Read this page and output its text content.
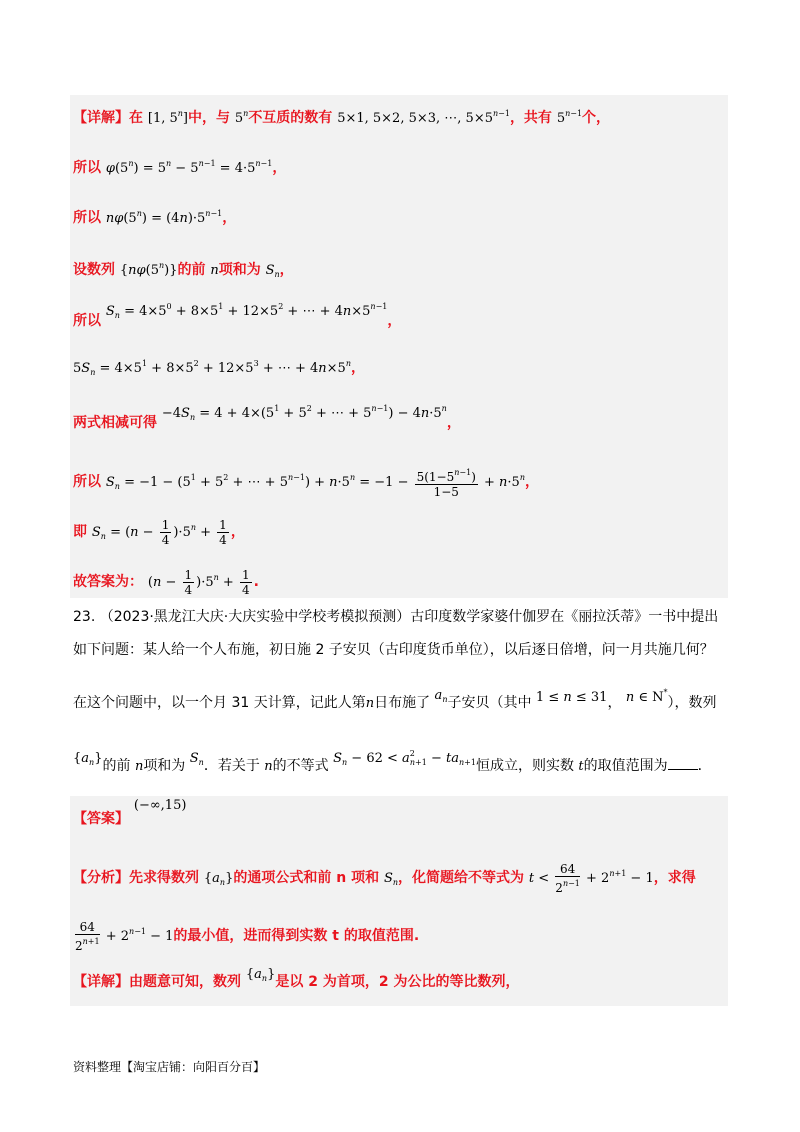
【详解】在 [1, 5$^n$]中，与 5$^n$不互质的数有 5×1, 5×2, 5×3, ⋯, $5\times 5^{n-1}$，共有 $5^{n-1}$个，
所以 $\varphi(5^n) = 5^n - 5^{n-1} = 4\cdot 5^{n-1}$，
所以 $n\varphi(5^n) = (4n)\cdot 5^{n-1}$，
设数列 {nφ(5$^n$)}的前 n项和为 $S_n$，
所以 $S_n = 4\times 5^0 + 8\times 5^1 + 12\times 5^2$ + ⋯ + $4n\times 5^{n-1}$，
$5S_n = 4\times 5^1 + 8\times 5^2 + 12\times 5^3$ + ⋯ + $4n\times 5^n$，
两式相减可得 $-4S_n = 4 + 4\times(5^1 + 5^2$ + ⋯ + $5^{n-1}) - 4n\cdot 5^n$，
所以 $S_n = -1 - (5^1 + 5^2$ + ⋯ + $5^{n-1}) + n\cdot 5^n = -1 - \frac{5(1-5^{n-1})}{1-5} + n\cdot 5^n$，
即 $S_n = (n - \frac{1}{4} )\cdot 5^n + \frac{1}{4}$ ，
故答案为： $(n - \frac{1}{4} )\cdot 5^n + \frac{1}{4}$ .
23. （2023·黑龙江大庆·大庆实验中学校考模拟预测）古印度数学家婆什伽罗在《丽拉沃蒂》一书中提出
如下问题：某人给一个人布施，初日施 2 子安贝（古印度货币单位），以后逐日倍增，问一月共施几何？
在这个问题中，以一个月 31 天计算，记此人第n日布施了 $a_n$子安贝（其中 1 ≤ n ≤ 31， n ∈ N*），数列
$\{a_n\}$的前 n项和为 $S_n$．若关于 n的不等式 $S_n - 62 < a^2_{n+1} - ta_{n+1}$恒成立，则实数 t的取值范围为 ．
【答案】 (−∞,15)
【分析】先求得数列 $\{a_n\}$的通项公式和前 n 项和 $S_n$，化简题给不等式为 $t < \frac{64}{2^{n-1}} + 2^{n+1} - 1$，求得
$\frac{64}{2^{n+1}} + 2^{n-1} - 1$的最小值，进而得到实数 t 的取值范围.
【详解】由题意可知，数列 $\{a_n\}$是以 2 为首项，2 为公比的等比数列，
资料整理【淘宝店铺：向阳百分百】
